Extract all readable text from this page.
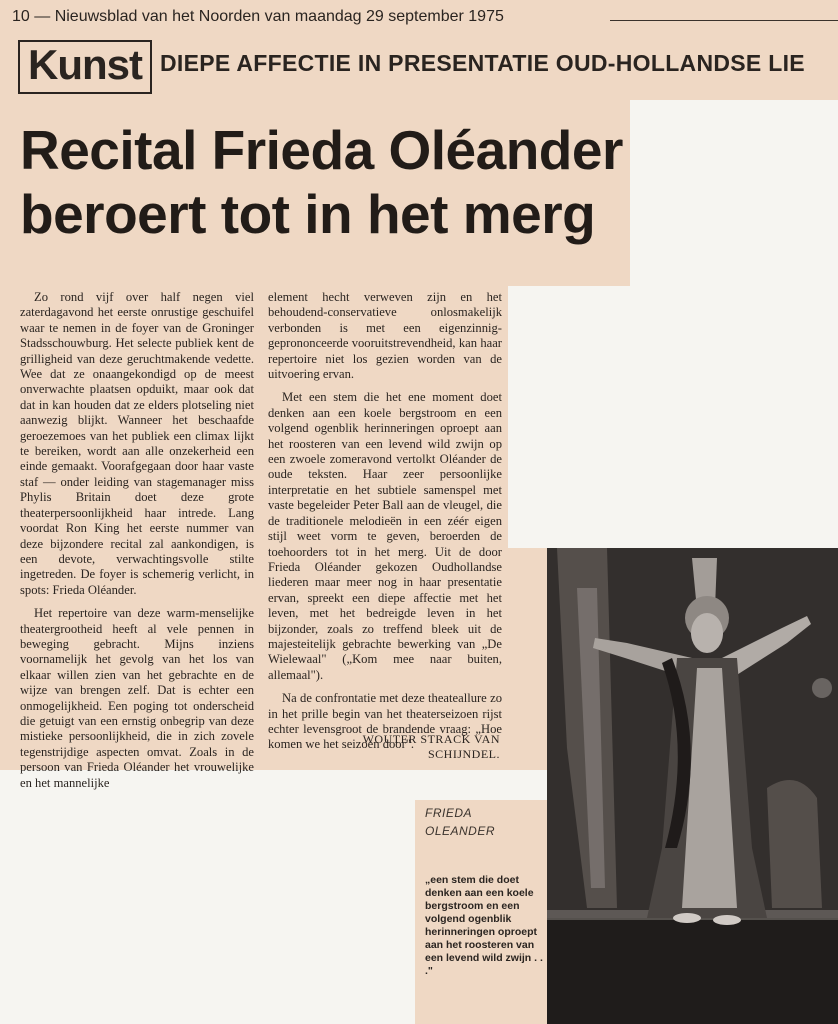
10 — Nieuwsblad van het Noorden van maandag 29 september 1975
Kunst DIEPE AFFECTIE IN PRESENTATIE OUD-HOLLANDSE LIE
Recital Frieda Oléander
beroert tot in het merg

Zo rond vijf over half negen viel zaterdagavond het eerste onrustige geschuifel waar te nemen in de foyer van de Groninger Stadsschouwburg. Het selecte publiek kent de grilligheid van deze geruchtmakende vedette. Wee dat ze onaangekondigd op de meest onverwachte plaatsen opduikt, maar ook dat dat in kan houden dat ze elders plotseling niet aanwezig blijkt. Wanneer het beschaafde geroezemoes van het publiek een climax lijkt te bereiken, wordt aan alle onzekerheid een einde gemaakt. Voorafgegaan door haar vaste staf — onder leiding van stagemanager miss Phylis Britain doet deze grote theaterpersoonlijkheid haar intrede. Lang voordat Ron King het eerste nummer van deze bijzondere recital zal aankondigen, is een devote, verwachtingsvolle stilte ingetreden. De foyer is schemerig verlicht, in spots: Frieda Oléander.

Het repertoire van deze warm-menselijke theatergrootheid heeft al vele pennen in beweging gebracht. Mijns inziens voornamelijk het gevolg van het los van elkaar willen zien van het gebrachte en de wijze van brengen zelf. Dat is echter een onmogelijkheid. Een poging tot onderscheid die getuigt van een ernstig onbegrip van deze mistieke persoonlijkheid, die in zich zovele tegenstrijdige aspecten omvat. Zoals in de persoon van Frieda Oléander het vrouwelijke en het mannelijke

element hecht verweven zijn en het behoudend-conservatieve onlosmakelijk verbonden is met een eigenzinnig-geprononceerde vooruitstrevendheid, kan haar repertoire niet los gezien worden van de uitvoering ervan.

Met een stem die het ene moment doet denken aan een koele bergstroom en een volgend ogenblik herinneringen oproept aan het roosteren van een levend wild zwijn op een zwoele zomeravond vertolkt Oléander de oude teksten. Haar zeer persoonlijke interpretatie en het subtiele samenspel met vaste begeleider Peter Ball aan de vleugel, die de traditionele melodieën in een zéér eigen stijl weet vorm te geven, beroerden de toehoorders tot in het merg. Uit de door Frieda Oléander gekozen Oudhollandse liederen maar meer nog in haar presentatie ervan, spreekt een diepe affectie met het leven, met het bedreigde leven in het bijzonder, zoals zo treffend bleek uit de majesteitelijk gebrachte bewerking van „De Wielewaal" („Kom mee naar buiten, allemaal").

Na de confrontatie met deze theateallure zo in het prille begin van het theaterseizoen rijst echter levensgroot de brandende vraag: „Hoe komen we het seizoen door".

WOUTER STRACK VAN SCHIJNDEL.
FRIEDA OLEANDER
„een stem die doet denken aan een koele bergstroom en een volgend ogenblik herinneringen oproept aan het roosteren van een levend wild zwijn . . ."
